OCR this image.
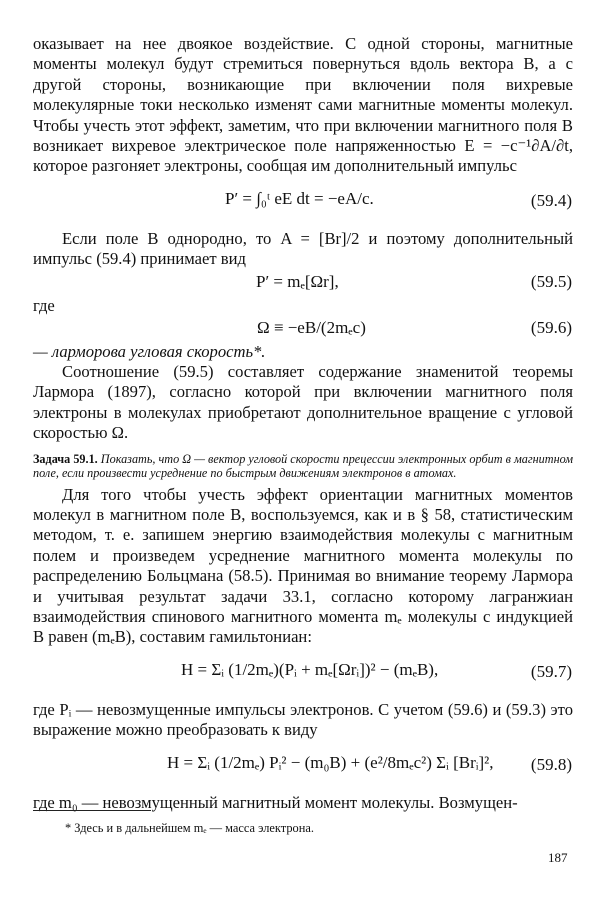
оказывает на нее двоякое воздействие. С одной стороны, магнитные моменты молекул будут стремиться повернуться вдоль вектора B, а с другой стороны, возникающие при включении поля вихревые молекулярные токи несколько изменят сами магнитные моменты молекул. Чтобы учесть этот эффект, заметим, что при включении магнитного поля B возникает вихревое электрическое поле напряженностью E = −c⁻¹∂A/∂t, которое разгоняет электроны, сообщая им дополнительный импульс

P′ = ∫₀ᵗ eE dt = −eA/c.	(59.4)

Если поле B однородно, то A = [Br]/2 и поэтому дополнительный импульс (59.4) принимает вид

P′ = mₑ[Ωr],	(59.5)

где

Ω ≡ −eB/(2mₑc)	(59.6)

— ларморова угловая скорость*.

Соотношение (59.5) составляет содержание знаменитой теоремы Лармора (1897), согласно которой при включении магнитного поля электроны в молекулах приобретают дополнительное вращение с угловой скоростью Ω.

Задача 59.1. Показать, что Ω — вектор угловой скорости прецессии электронных орбит в магнитном поле, если произвести усреднение по быстрым движениям электронов в атомах.

Для того чтобы учесть эффект ориентации магнитных моментов молекул в магнитном поле B, воспользуемся, как и в § 58, статистическим методом, т. е. запишем энергию взаимодействия молекулы с магнитным полем и произведем усреднение магнитного момента молекулы по распределению Больцмана (58.5). Принимая во внимание теорему Лармора и учитывая результат задачи 33.1, согласно которому лагранжиан взаимодействия спинового магнитного момента mₑ молекулы с индукцией B равен (mₑB), составим гамильтониан:

H = Σᵢ (1/2mₑ)(Pᵢ + mₑ[Ωrᵢ])² − (mₑB),	(59.7)

где Pᵢ — невозмущенные импульсы электронов. С учетом (59.6) и (59.3) это выражение можно преобразовать к виду

H = Σᵢ (1/2mₑ) Pᵢ² − (m₀B) + (e²/8mₑc²) Σᵢ [Brᵢ]², (59.8)

где m₀ — невозмущенный магнитный момент молекулы. Возмущен-

* Здесь и в дальнейшем mₑ — масса электрона.
187
